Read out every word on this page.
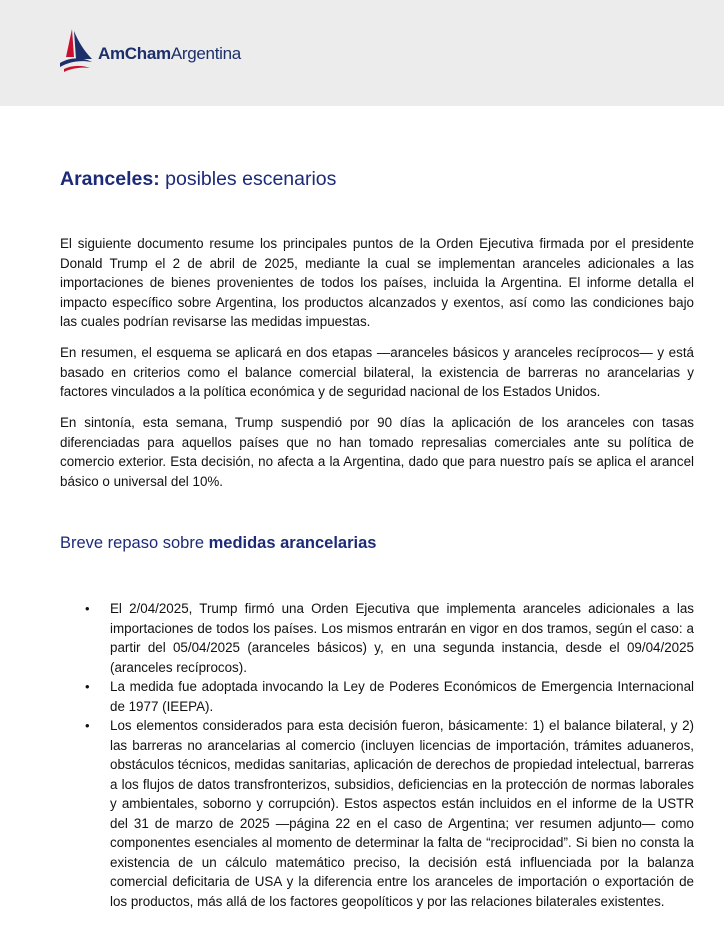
AmChamArgentina
Aranceles: posibles escenarios

El siguiente documento resume los principales puntos de la Orden Ejecutiva firmada por el presidente Donald Trump el 2 de abril de 2025, mediante la cual se implementan aranceles adicionales a las importaciones de bienes provenientes de todos los países, incluida la Argentina. El informe detalla el impacto específico sobre Argentina, los productos alcanzados y exentos, así como las condiciones bajo las cuales podrían revisarse las medidas impuestas.

En resumen, el esquema se aplicará en dos etapas —aranceles básicos y aranceles recíprocos— y está basado en criterios como el balance comercial bilateral, la existencia de barreras no arancelarias y factores vinculados a la política económica y de seguridad nacional de los Estados Unidos.

En sintonía, esta semana, Trump suspendió por 90 días la aplicación de los aranceles con tasas diferenciadas para aquellos países que no han tomado represalias comerciales ante su política de comercio exterior. Esta decisión, no afecta a la Argentina, dado que para nuestro país se aplica el arancel básico o universal del 10%.

Breve repaso sobre medidas arancelarias
• El 2/04/2025, Trump firmó una Orden Ejecutiva que implementa aranceles adicionales a las importaciones de todos los países. Los mismos entrarán en vigor en dos tramos, según el caso: a partir del 05/04/2025 (aranceles básicos) y, en una segunda instancia, desde el 09/04/2025 (aranceles recíprocos).
• La medida fue adoptada invocando la Ley de Poderes Económicos de Emergencia Internacional de 1977 (IEEPA).
• Los elementos considerados para esta decisión fueron, básicamente: 1) el balance bilateral, y 2) las barreras no arancelarias al comercio (incluyen licencias de importación, trámites aduaneros, obstáculos técnicos, medidas sanitarias, aplicación de derechos de propiedad intelectual, barreras a los flujos de datos transfronterizos, subsidios, deficiencias en la protección de normas laborales y ambientales, soborno y corrupción). Estos aspectos están incluidos en el informe de la USTR del 31 de marzo de 2025 —página 22 en el caso de Argentina; ver resumen adjunto— como componentes esenciales al momento de determinar la falta de “reciprocidad”. Si bien no consta la existencia de un cálculo matemático preciso, la decisión está influenciada por la balanza comercial deficitaria de USA y la diferencia entre los aranceles de importación o exportación de los productos, más allá de los factores geopolíticos y por las relaciones bilaterales existentes.
